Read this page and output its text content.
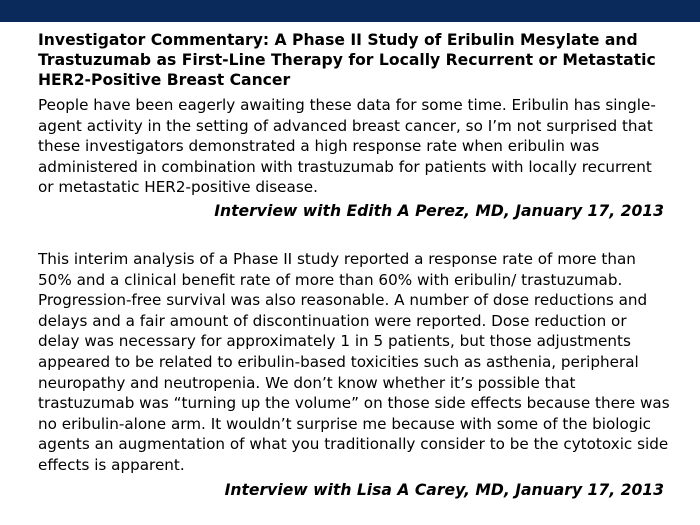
Investigator Commentary: A Phase II Study of Eribulin Mesylate and Trastuzumab as First-Line Therapy for Locally Recurrent or Metastatic HER2-Positive Breast Cancer

People have been eagerly awaiting these data for some time. Eribulin has single-agent activity in the setting of advanced breast cancer, so I’m not surprised that these investigators demonstrated a high response rate when eribulin was administered in combination with trastuzumab for patients with locally recurrent or metastatic HER2-positive disease.

Interview with Edith A Perez, MD, January 17, 2013

This interim analysis of a Phase II study reported a response rate of more than 50% and a clinical benefit rate of more than 60% with eribulin/ trastuzumab. Progression-free survival was also reasonable. A number of dose reductions and delays and a fair amount of discontinuation were reported. Dose reduction or delay was necessary for approximately 1 in 5 patients, but those adjustments appeared to be related to eribulin-based toxicities such as asthenia, peripheral neuropathy and neutropenia. We don’t know whether it’s possible that trastuzumab was “turning up the volume” on those side effects because there was no eribulin-alone arm. It wouldn’t surprise me because with some of the biologic agents an augmentation of what you traditionally consider to be the cytotoxic side effects is apparent.

Interview with Lisa A Carey, MD, January 17, 2013
